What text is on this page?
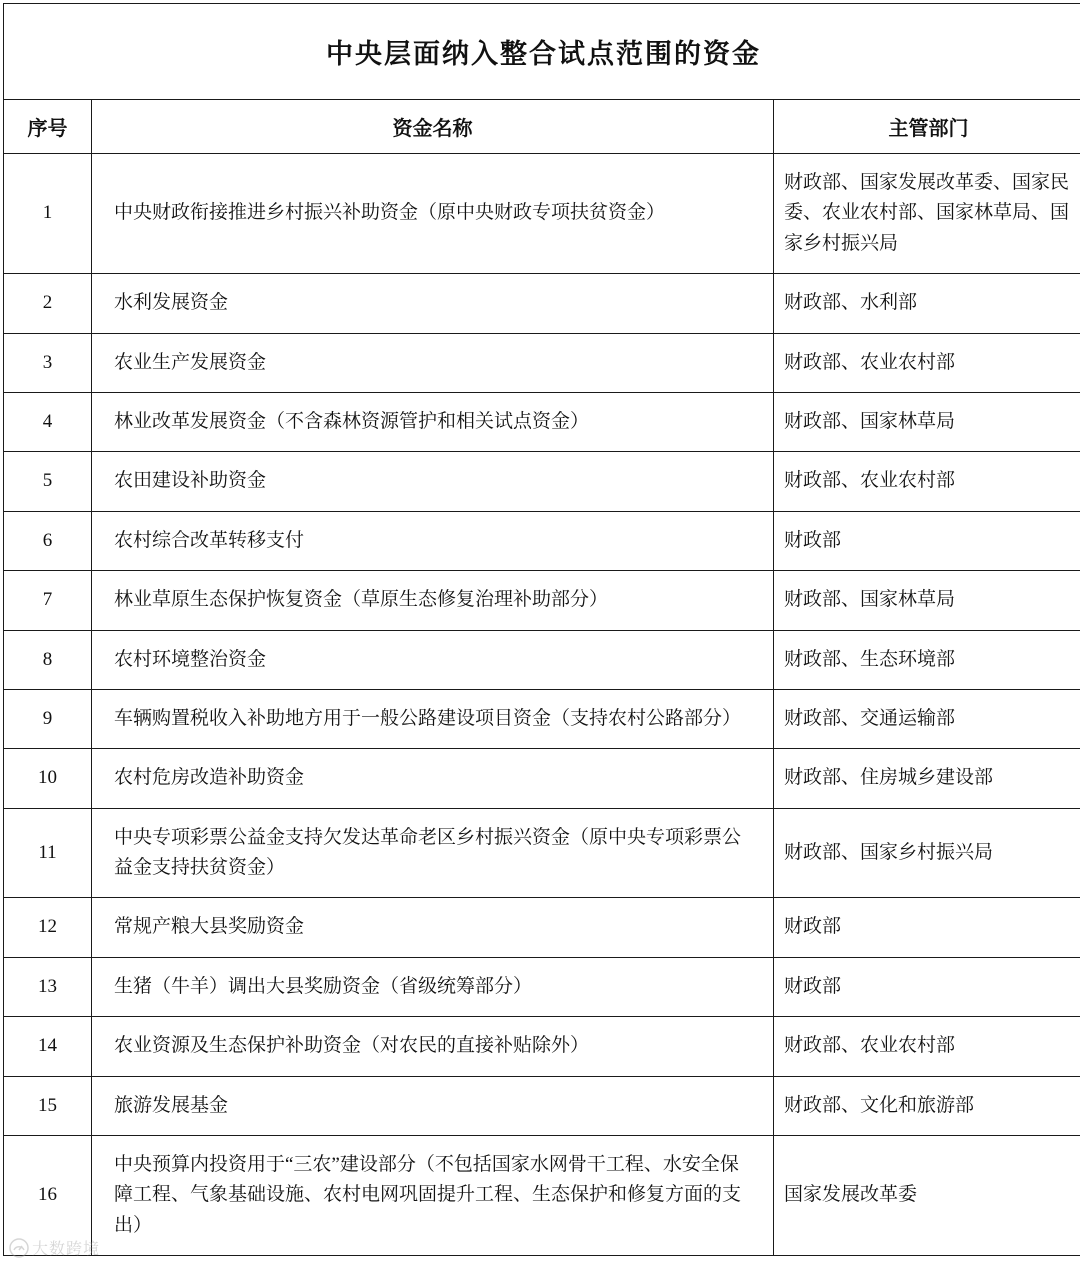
中央层面纳入整合试点范围的资金		
序号	资金名称	主管部门
1	中央财政衔接推进乡村振兴补助资金（原中央财政专项扶贫资金）	财政部、国家发展改革委、国家民委、农业农村部、国家林草局、国家乡村振兴局
2	水利发展资金	财政部、水利部
3	农业生产发展资金	财政部、农业农村部
4	林业改革发展资金（不含森林资源管护和相关试点资金）	财政部、国家林草局
5	农田建设补助资金	财政部、农业农村部
6	农村综合改革转移支付	财政部
7	林业草原生态保护恢复资金（草原生态修复治理补助部分）	财政部、国家林草局
8	农村环境整治资金	财政部、生态环境部
9	车辆购置税收入补助地方用于一般公路建设项目资金（支持农村公路部分）	财政部、交通运输部
10	农村危房改造补助资金	财政部、住房城乡建设部
11	中央专项彩票公益金支持欠发达革命老区乡村振兴资金（原中央专项彩票公益金支持扶贫资金）	财政部、国家乡村振兴局
12	常规产粮大县奖励资金	财政部
13	生猪（牛羊）调出大县奖励资金（省级统筹部分）	财政部
14	农业资源及生态保护补助资金（对农民的直接补贴除外）	财政部、农业农村部
15	旅游发展基金	财政部、文化和旅游部
16	中央预算内投资用于“三农”建设部分（不包括国家水网骨干工程、水安全保障工程、气象基础设施、农村电网巩固提升工程、生态保护和修复方面的支出）	国家发展改革委
大数跨境
